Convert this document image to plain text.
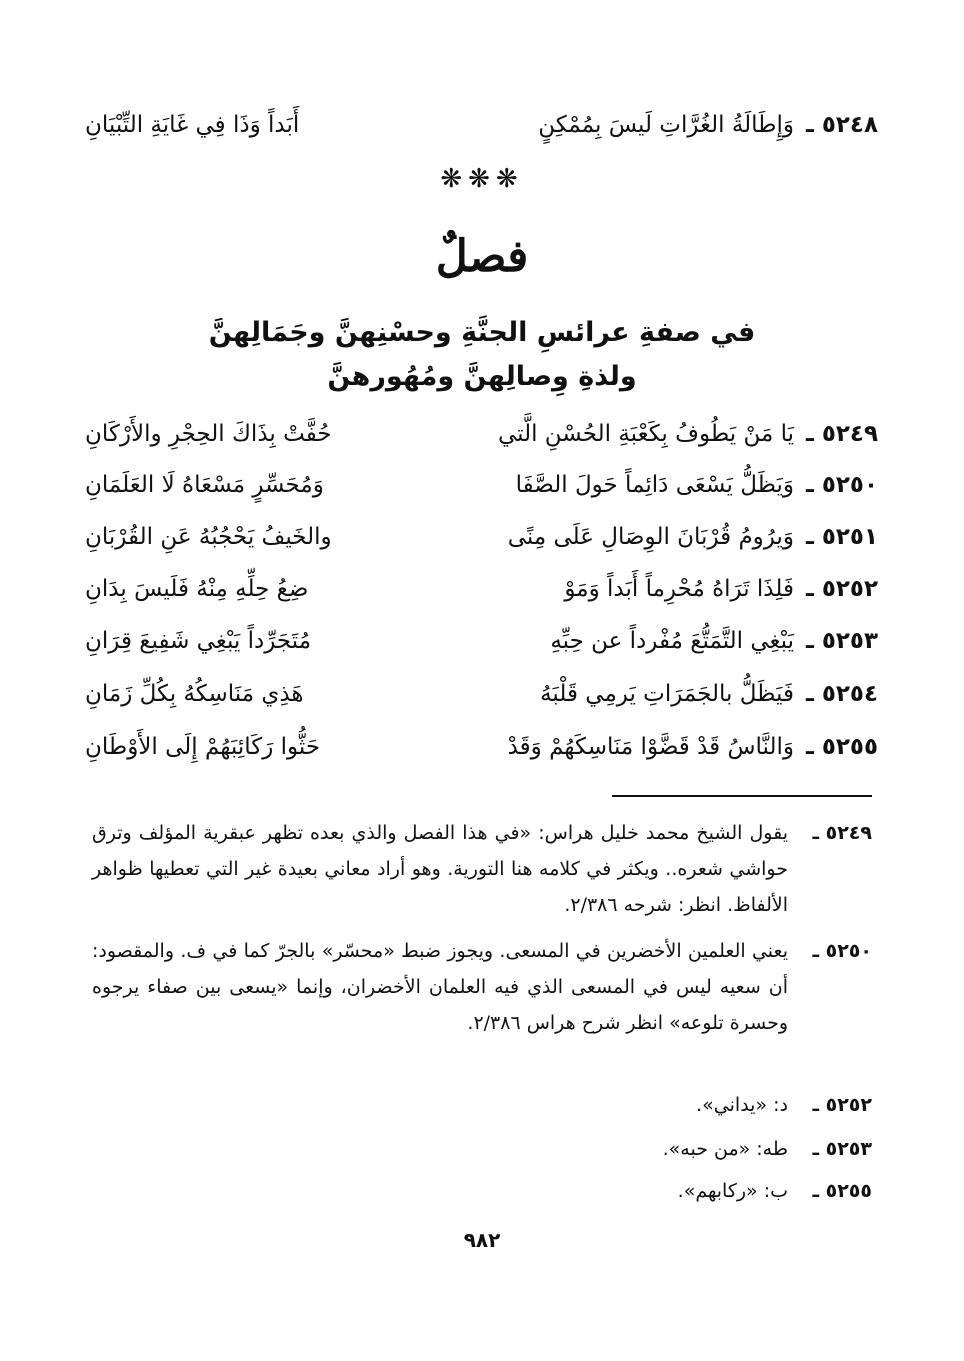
٥٢٤٨ ـ
وَإِطَالَةُ الغُرَّاتِ لَيسَ بِمُمْكِنٍ
أَبَداً وَذَا فِي غَايَةِ التِّبْيَانِ
❋❋❋
فصلٌ
في صفةِ عرائسِ الجنَّةِ وحسْنِهنَّ وجَمَالِهنَّ
ولذةِ وِصالِهنَّ ومُهُورهنَّ
٥٢٤٩ ـ
يَا مَنْ يَطُوفُ بِكَعْبَةِ الحُسْنِ الَّتي
حُفَّتْ بِذَاكَ الحِجْرِ والأَرْكَانِ
٥٢٥٠ ـ
وَيَظَلُّ يَسْعَى دَائِماً حَولَ الصَّفَا
وَمُحَسِّرٍ مَسْعَاهُ لَا العَلَمَانِ
٥٢٥١ ـ
وَيرُومُ قُرْبَانَ الوِصَالِ عَلَى مِنًى
والخَيفُ يَحْجُبُهُ عَنِ القُرْبَانِ
٥٢٥٢ ـ
فَلِذَا تَرَاهُ مُحْرِماً أَبَداً وَمَوْ
ضِعُ حِلِّهِ مِنْهُ فَلَيسَ بِدَانِ
٥٢٥٣ ـ
يَبْغِي التَّمَتُّعَ مُفْرداً عن حِبِّهِ
مُتَجَرِّداً يَبْغِي شَفِيعَ قِرَانِ
٥٢٥٤ ـ
فَيَظَلُّ بالجَمَرَاتِ يَرمِي قَلْبَهُ
هَذِي مَنَاسِكُهُ بِكُلِّ زَمَانِ
٥٢٥٥ ـ
وَالنَّاسُ قَدْ قَضَّوْا مَنَاسِكَهُمْ وَقَدْ
حَثُّوا رَكَائِبَهُمْ إِلَى الأَوْطَانِ
٥٢٤٩ ـ
يقول الشيخ محمد خليل هراس: «في هذا الفصل والذي بعده تظهر عبقرية المؤلف وترق حواشي شعره.. ويكثر في كلامه هنا التورية. وهو أراد معاني بعيدة غير التي تعطيها ظواهر الألفاظ. انظر: شرحه ٢/٣٨٦.
٥٢٥٠ ـ
يعني العلمين الأخضرين في المسعى. ويجوز ضبط «محسّر» بالجرّ كما في ف. والمقصود: أن سعيه ليس في المسعى الذي فيه العلمان الأخضران، وإنما «يسعى بين صفاء يرجوه وحسرة تلوعه» انظر شرح هراس ٢/٣٨٦.
٥٢٥٢ ـ
د: «يداني».
٥٢٥٣ ـ
طه: «من حبه».
٥٢٥٥ ـ
ب: «ركابهم».
٩٨٢
